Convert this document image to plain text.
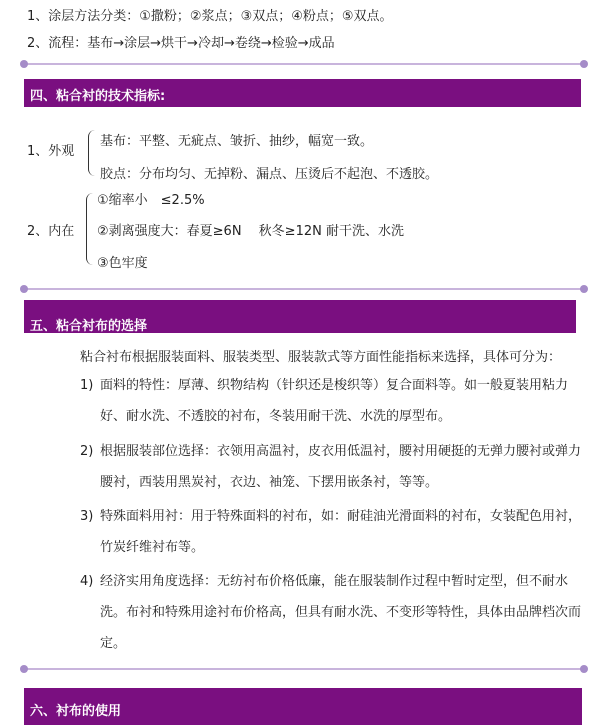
1、涂层方法分类：①撒粉；②浆点；③双点；④粉点；⑤双点。
2、流程：基布→涂层→烘干→冷却→卷绕→检验→成品
四、粘合衬的技术指标:
1、外观
基布：平整、无疵点、皱折、抽纱，幅宽一致。
胶点：分布均匀、无掉粉、漏点、压烫后不起泡、不透胶。
2、内在
①缩率小　≤2.5%
②剥离强度大：春夏≥6N　 秋冬≥12N 耐干洗、水洗
③色牢度
五、粘合衬布的选择
粘合衬布根据服装面料、服装类型、服装款式等方面性能指标来选择，具体可分为：
1) 面料的特性：厚薄、织物结构（针织还是梭织等）复合面料等。如一般夏装用粘力好、耐水洗、不透胶的衬布，冬装用耐干洗、水洗的厚型布。
2) 根据服装部位选择：衣领用高温衬，皮衣用低温衬，腰衬用硬挺的无弹力腰衬或弹力腰衬，西装用黑炭衬，衣边、袖笼、下摆用嵌条衬，等等。
3) 特殊面料用衬：用于特殊面料的衬布，如：耐硅油光滑面料的衬布，女装配色用衬，竹炭纤维衬布等。
4) 经济实用角度选择：无纺衬布价格低廉，能在服装制作过程中暂时定型，但不耐水洗。布衬和特殊用途衬布价格高，但具有耐水洗、不变形等特性，具体由品牌档次而定。
六、衬布的使用
